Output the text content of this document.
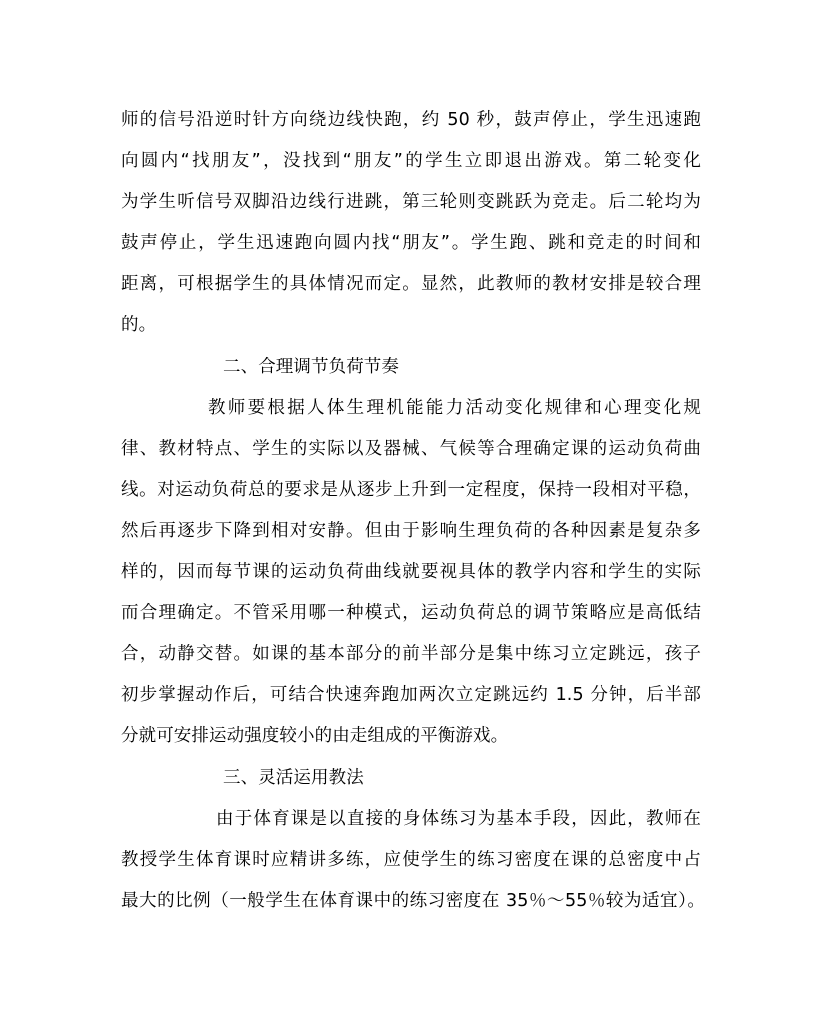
师的信号沿逆时针方向绕边线快跑，约 50 秒，鼓声停止，学生迅速跑
向圆内“找朋友”，没找到“朋友”的学生立即退出游戏。第二轮变化
为学生听信号双脚沿边线行进跳，第三轮则变跳跃为竞走。后二轮均为
鼓声停止，学生迅速跑向圆内找“朋友”。学生跑、跳和竞走的时间和
距离，可根据学生的具体情况而定。显然，此教师的教材安排是较合理
的。
二、合理调节负荷节奏
教师要根据人体生理机能能力活动变化规律和心理变化规
律、教材特点、学生的实际以及器械、气候等合理确定课的运动负荷曲
线。对运动负荷总的要求是从逐步上升到一定程度，保持一段相对平稳，
然后再逐步下降到相对安静。但由于影响生理负荷的各种因素是复杂多
样的，因而每节课的运动负荷曲线就要视具体的教学内容和学生的实际
而合理确定。不管采用哪一种模式，运动负荷总的调节策略应是高低结
合，动静交替。如课的基本部分的前半部分是集中练习立定跳远，孩子
初步掌握动作后，可结合快速奔跑加两次立定跳远约 1.5 分钟，后半部
分就可安排运动强度较小的由走组成的平衡游戏。
三、灵活运用教法
由于体育课是以直接的身体练习为基本手段，因此，教师在
教授学生体育课时应精讲多练，应使学生的练习密度在课的总密度中占
最大的比例（一般学生在体育课中的练习密度在 35％～55％较为适宜）。
